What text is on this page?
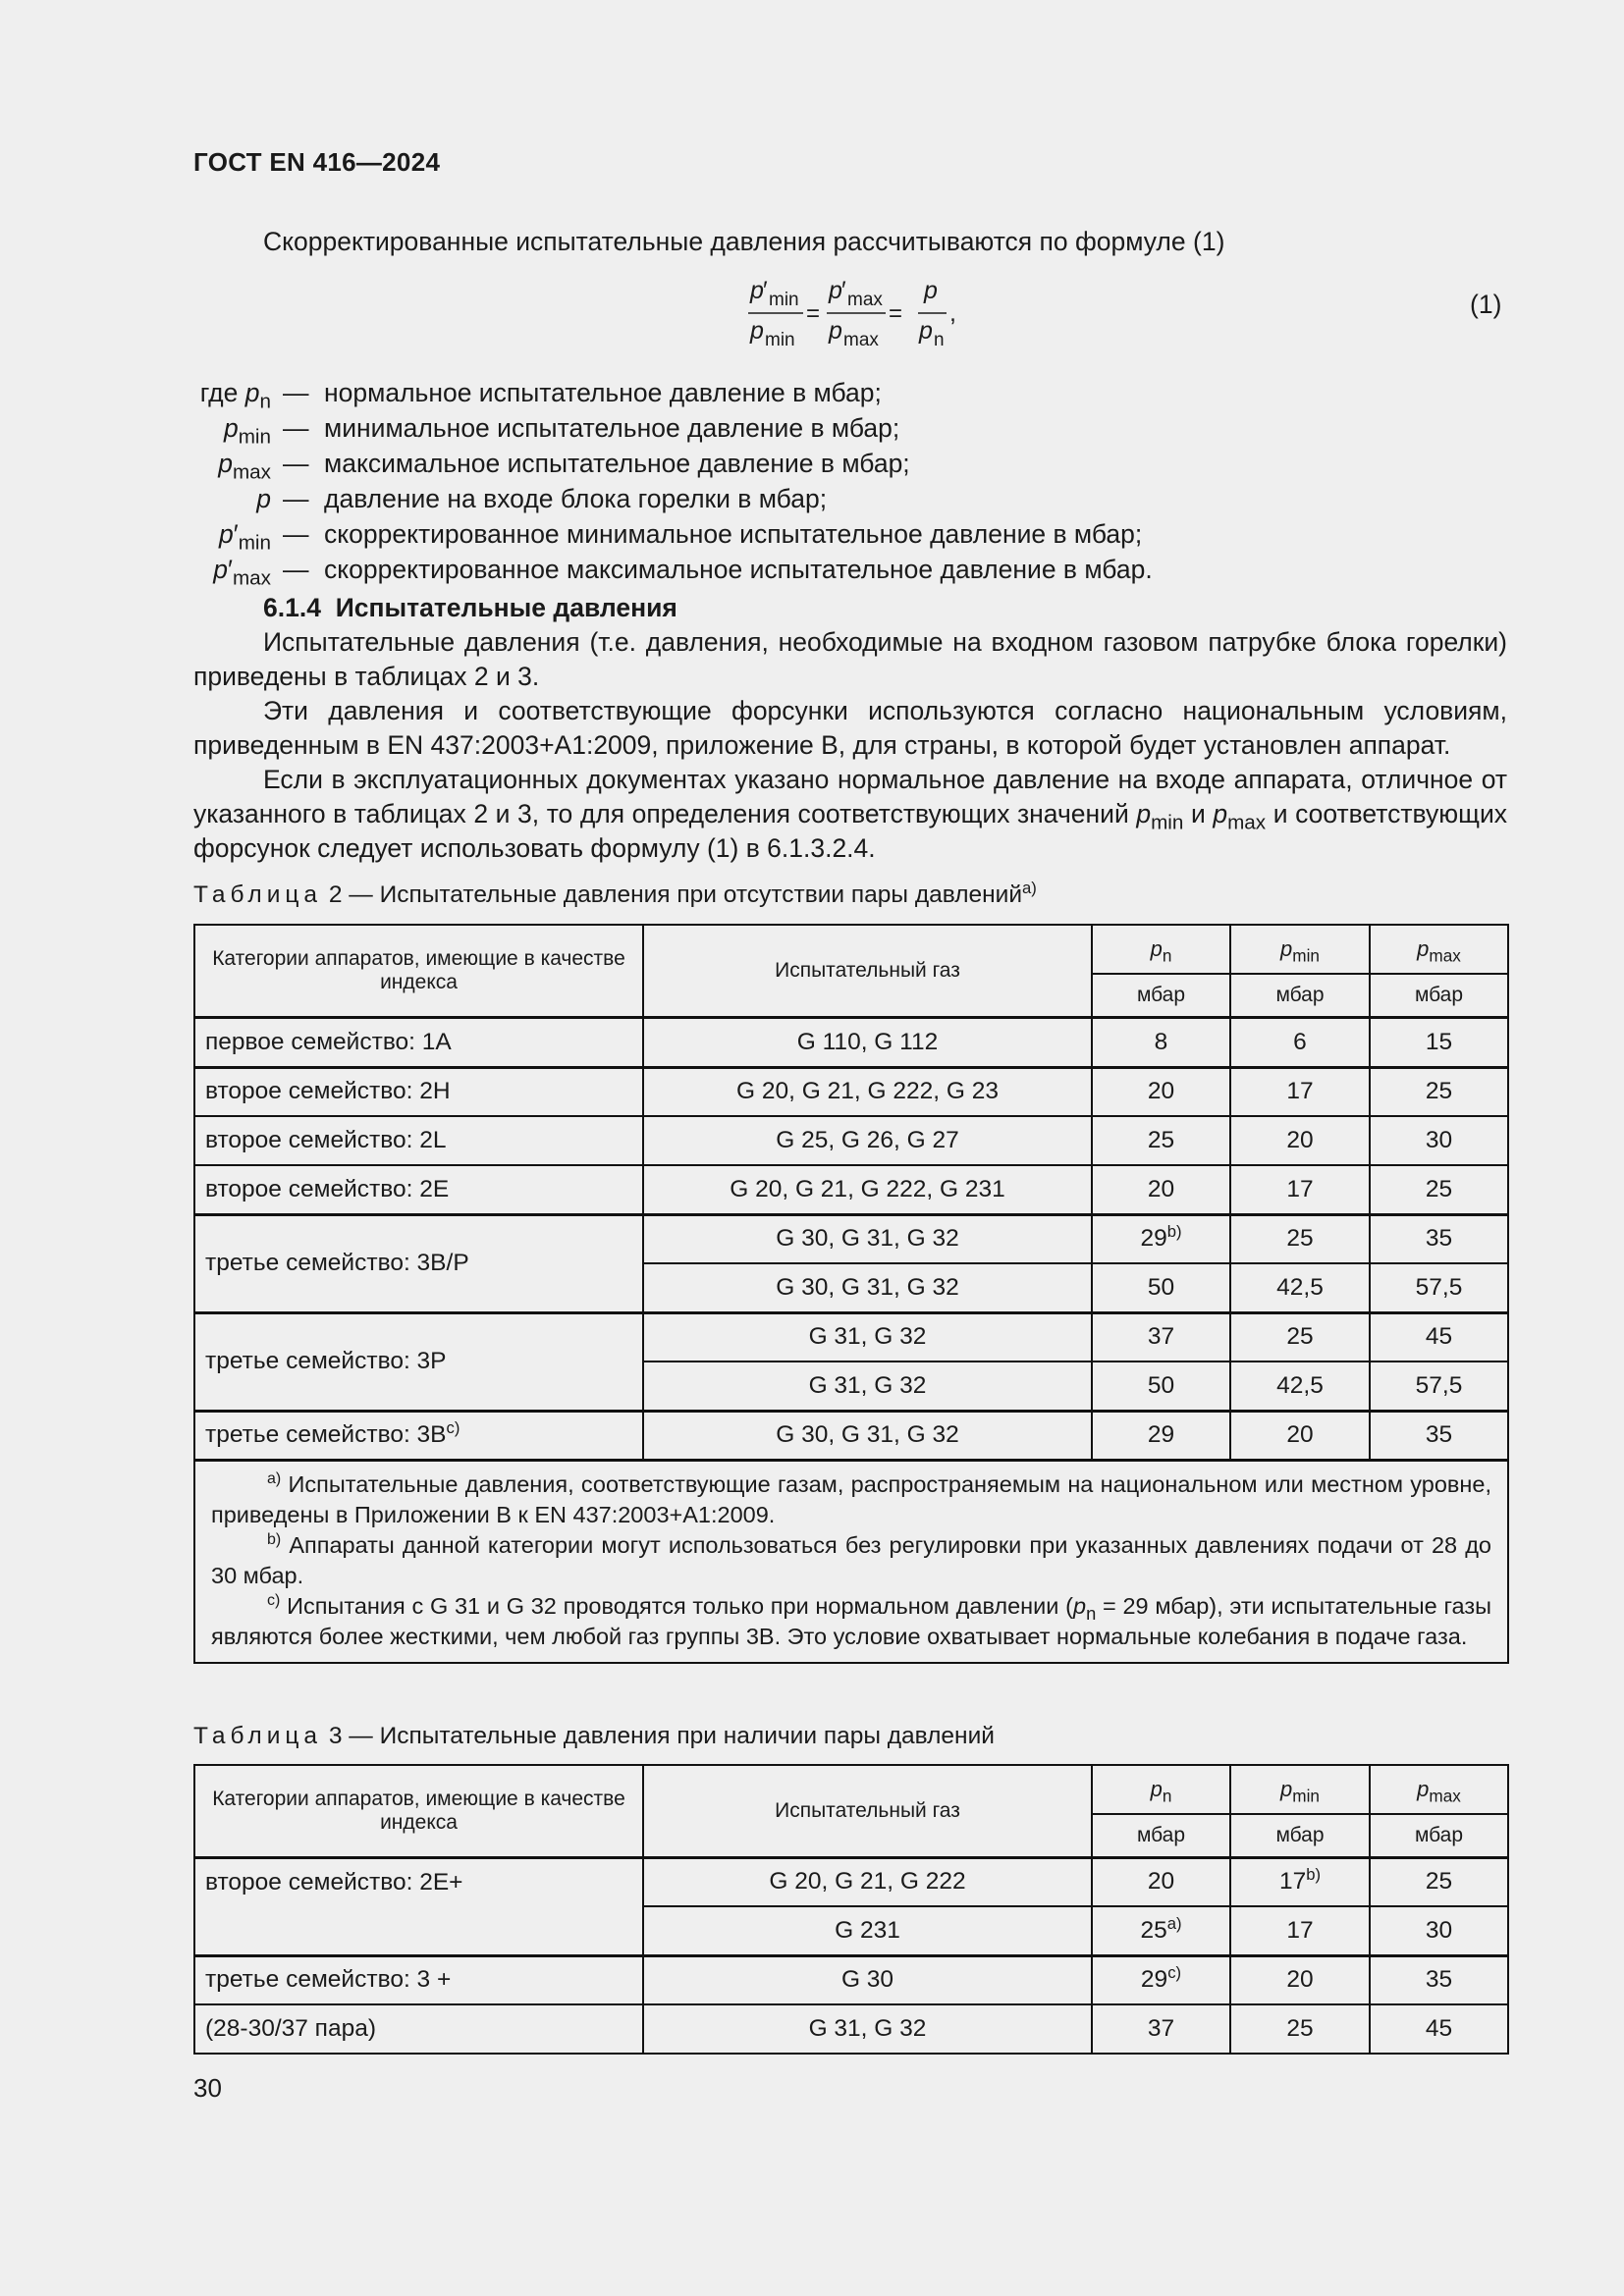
ГОСТ EN 416—2024
Скорректированные испытательные давления рассчитываются по формуле (1)
p ′ min
p min
=
p ′ max
p max
=
p
p n
,	(1)
где $p_n$ — нормальное испытательное давление в мбар;
$p_{min}$ — минимальное испытательное давление в мбар;
$p_{max}$ — максимальное испытательное давление в мбар;
p — давление на входе блока горелки в мбар;
$p'_{min}$ — скорректированное минимальное испытательное давление в мбар;
$p'_{max}$ — скорректированное максимальное испытательное давление в мбар.
6.1.4 Испытательные давления
Испытательные давления (т.е. давления, необходимые на входном газовом патрубке блока горелки) приведены в таблицах 2 и 3.
Эти давления и соответствующие форсунки используются согласно национальным условиям, приведенным в EN 437:2003+A1:2009, приложение В, для страны, в которой будет установлен аппарат.
Если в эксплуатационных документах указано нормальное давление на входе аппарата, отличное от указанного в таблицах 2 и 3, то для определения соответствующих значений $p_{min}$ и $p_{max}$ и соответствующих форсунок следует использовать формулу (1) в 6.1.3.2.4.
Таблица 2 — Испытательные давления при отсутствии пары давлений$^{a)}$
Категории аппаратов, имеющие в качестве индекса	Испытательный газ	$p_n$	$p_{min}$	$p_{max}$
		мбар	мбар	мбар
первое семейство: 1A	G 110, G 112	8	6	15
второе семейство: 2H	G 20, G 21, G 222, G 23	20	17	25
второе семейство: 2L	G 25, G 26, G 27	25	20	30
второе семейство: 2E	G 20, G 21, G 222, G 231	20	17	25
третье семейство: 3B/P	G 30, G 31, G 32	29$^{b)}$	25	35
	G 30, G 31, G 32	50	42,5	57,5
третье семейство: 3P	G 31, G 32	37	25	45
	G 31, G 32	50	42,5	57,5
третье семейство: $3B^{c)}$	G 30, G 31, G 32	29	20	35

$^{a)}$ Испытательные давления, соответствующие газам, распространяемым на национальном или местном уровне, приведены в Приложении В к EN 437:2003+A1:2009.
$^{b)}$ Аппараты данной категории могут использоваться без регулировки при указанных давлениях подачи от 28 до 30 мбар.
$^{c)}$ Испытания с G 31 и G 32 проводятся только при нормальном давлении ($p_n = 29$ мбар), эти испытательные газы являются более жесткими, чем любой газ группы 3B. Это условие охватывает нормальные колебания в подаче газа.				
Таблица 3 — Испытательные давления при наличии пары давлений
Категории аппаратов, имеющие в качестве индекса	Испытательный газ	$p_n$	$p_{min}$	$p_{max}$
		мбар	мбар	мбар
второе семейство: 2E+	G 20, G 21, G 222	20	17$^{b)}$	25
	G 231	25$^{a)}$	17	30
третье семейство: 3 +	G 30	29$^{c)}$	20	35
(28-30/37 пара)	G 31, G 32	37	25	45
30
